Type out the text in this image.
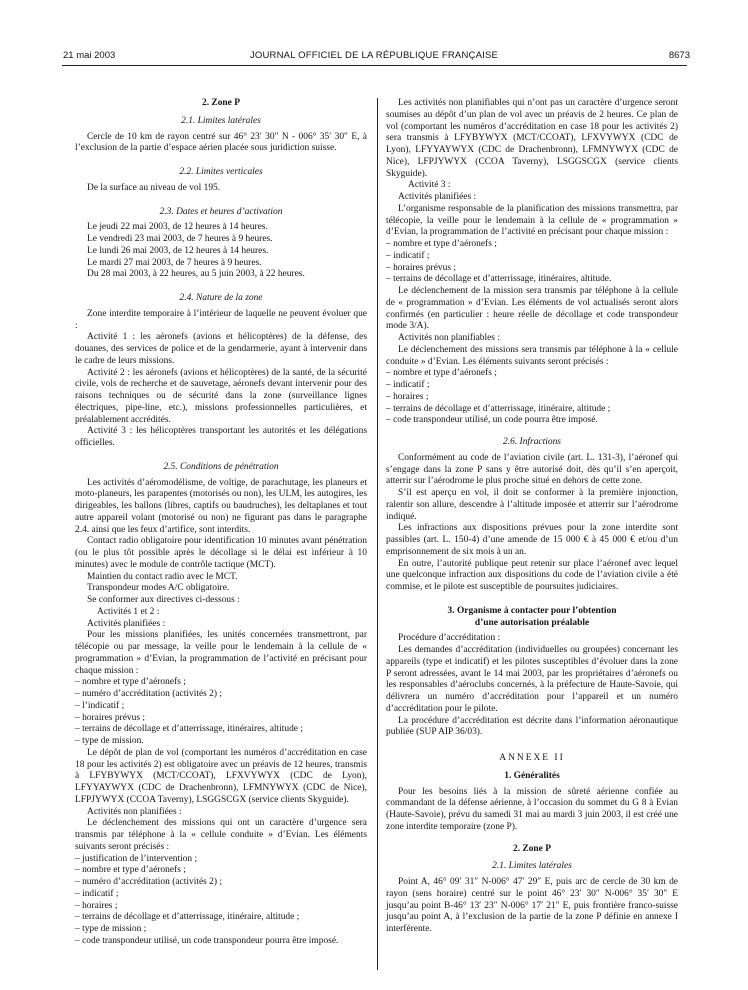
21 mai 2003	JOURNAL OFFICIEL DE LA RÉPUBLIQUE FRANÇAISE	8673

2. Zone P

2.1. Limites latérales

Cercle de 10 km de rayon centré sur 46° 23′ 30″ N - 006° 35′ 30″ E, à l’exclusion de la partie d’espace aérien placée sous juridiction suisse.

2.2. Limites verticales

De la surface au niveau de vol 195.

2.3. Dates et heures d’activation

Le jeudi 22 mai 2003, de 12 heures à 14 heures.

Le vendredi 23 mai 2003, de 7 heures à 9 heures.

Le lundi 26 mai 2003, de 12 heures à 14 heures.

Le mardi 27 mai 2003, de 7 heures à 9 heures.

Du 28 mai 2003, à 22 heures, au 5 juin 2003, à 22 heures.

2.4. Nature de la zone

Zone interdite temporaire à l’intérieur de laquelle ne peuvent évoluer que :

Activité 1 : les aéronefs (avions et hélicoptères) de la défense, des douanes, des services de police et de la gendarmerie, ayant à intervenir dans le cadre de leurs missions.

Activité 2 : les aéronefs (avions et hélicoptères) de la santé, de la sécurité civile, vols de recherche et de sauvetage, aéronefs devant intervenir pour des raisons techniques ou de sécurité dans la zone (surveillance lignes électriques, pipe-line, etc.), missions professionnelles particulières, et préalablement accrédités.

Activité 3 : les hélicoptères transportant les autorités et les délégations officielles.

2.5. Conditions de pénétration

Les activités d’aéromodélisme, de voltige, de parachutage, les planeurs et moto-planeurs, les parapentes (motorisés ou non), les ULM, les autogires, les dirigeables, les ballons (libres, captifs ou baudruches), les deltaplanes et tout autre appareil volant (motorisé ou non) ne figurant pas dans le paragraphe 2.4. ainsi que les feux d’artifice, sont interdits.

Contact radio obligatoire pour identification 10 minutes avant pénétration (ou le plus tôt possible après le décollage si le délai est inférieur à 10 minutes) avec le module de contrôle tactique (MCT).

Maintien du contact radio avec le MCT.

Transpondeur modes A/C obligatoire.

Se conformer aux directives ci-dessous :

Activités 1 et 2 :

Activités planifiées :

Pour les missions planifiées, les unités concernées transmettront, par télécopie ou par message, la veille pour le lendemain à la cellule de « programmation » d’Evian, la programmation de l’activité en précisant pour chaque mission :

– nombre et type d’aéronefs ;

– numéro d’accréditation (activités 2) ;

– l’indicatif ;

– horaires prévus ;

– terrains de décollage et d’atterrissage, itinéraires, altitude ;

– type de mission.

Le dépôt de plan de vol (comportant les numéros d’accréditation en case 18 pour les activités 2) est obligatoire avec un préavis de 12 heures, transmis à LFYBYWYX (MCT/CCOAT), LFXVYWYX (CDC de Lyon), LFYYAYWYX (CDC de Drachenbronn), LFMNYWYX (CDC de Nice), LFPJYWYX (CCOA Taverny), LSGGSCGX (service clients Skyguide).

Activités non planifiées :

Le déclenchement des missions qui ont un caractère d’urgence sera transmis par téléphone à la « cellule conduite » d’Evian. Les éléments suivants seront précisés :

– justification de l’intervention ;

– nombre et type d’aéronefs ;

– numéro d’accréditation (activités 2) ;

– indicatif ;

– horaires ;

– terrains de décollage et d’atterrissage, itinéraire, altitude ;

– type de mission ;

– code transpondeur utilisé, un code transpondeur pourra être imposé.

Les activités non planifiables qui n’ont pas un caractère d’urgence seront soumises au dépôt d’un plan de vol avec un préavis de 2 heures. Ce plan de vol (comportant les numéros d’accréditation en case 18 pour les activités 2) sera transmis à LFYBYWYX (MCT/CCOAT), LFXVYWYX (CDC de Lyon), LFYYAYWYX (CDC de Drachenbronn), LFMNYWYX (CDC de Nice), LFPJYWYX (CCOA Taverny), LSGGSCGX (service clients Skyguide).

Activité 3 :

Activités planifiées :

L’organisme responsable de la planification des missions transmettra, par télécopie, la veille pour le lendemain à la cellule de « programmation » d’Evian, la programmation de l’activité en précisant pour chaque mission :

– nombre et type d’aéronefs ;

– indicatif ;

– horaires prévus ;

– terrains de décollage et d’atterrissage, itinéraires, altitude.

Le déclenchement de la mission sera transmis par téléphone à la cellule de « programmation » d’Evian. Les éléments de vol actualisés seront alors confirmés (en particulier : heure réelle de décollage et code transpondeur mode 3/A).

Activités non planifiables :

Le déclenchement des missions sera transmis par téléphone à la « cellule conduite » d’Evian. Les éléments suivants seront précisés :

– nombre et type d’aéronefs ;

– indicatif ;

– horaires ;

– terrains de décollage et d’atterrissage, itinéraire, altitude ;

– code transpondeur utilisé, un code pourra être imposé.

2.6. Infractions

Conformément au code de l’aviation civile (art. L. 131-3), l’aéronef qui s’engage dans la zone P sans y être autorisé doit, dès qu’il s’en aperçoit, atterrir sur l’aérodrome le plus proche situé en dehors de cette zone.

S’il est aperçu en vol, il doit se conformer à la première injonction, ralentir son allure, descendre à l’altitude imposée et atterrir sur l’aérodrome indiqué.

Les infractions aux dispositions prévues pour la zone interdite sont passibles (art. L. 150-4) d’une amende de 15 000 € à 45 000 € et/ou d’un emprisonnement de six mois à un an.

En outre, l’autorité publique peut retenir sur place l’aéronef avec lequel une quelconque infraction aux dispositions du code de l’aviation civile a été commise, et le pilote est susceptible de poursuites judiciaires.

3. Organisme à contacter pour l’obtention

d’une autorisation préalable

Procédure d’accréditation :

Les demandes d’accréditation (individuelles ou groupées) concernant les appareils (type et indicatif) et les pilotes susceptibles d’évoluer dans la zone P seront adressées, avant le 14 mai 2003, par les propriétaires d’aéronefs ou les responsables d’aéroclubs concernés, à la préfecture de Haute-Savoie, qui délivrera un numéro d’accréditation pour l’appareil et un numéro d’accréditation pour le pilote.

La procédure d’accréditation est décrite dans l’information aéronautique publiée (SUP AIP 36/03).

ANNEXE II

1. Généralités

Pour les besoins liés à la mission de sûreté aérienne confiée au commandant de la défense aérienne, à l’occasion du sommet du G 8 à Evian (Haute-Savoie), prévu du samedi 31 mai au mardi 3 juin 2003, il est créé une zone interdite temporaire (zone P).

2. Zone P

2.1. Limites latérales

Point A, 46° 09′ 31″ N-006° 47′ 29″ E, puis arc de cercle de 30 km de rayon (sens horaire) centré sur le point 46° 23′ 30″ N-006° 35′ 30″ E jusqu’au point B-46° 13′ 23″ N-006° 17′ 21″ E, puis frontière franco-suisse jusqu’au point A, à l’exclusion de la partie de la zone P définie en annexe I interférente.
